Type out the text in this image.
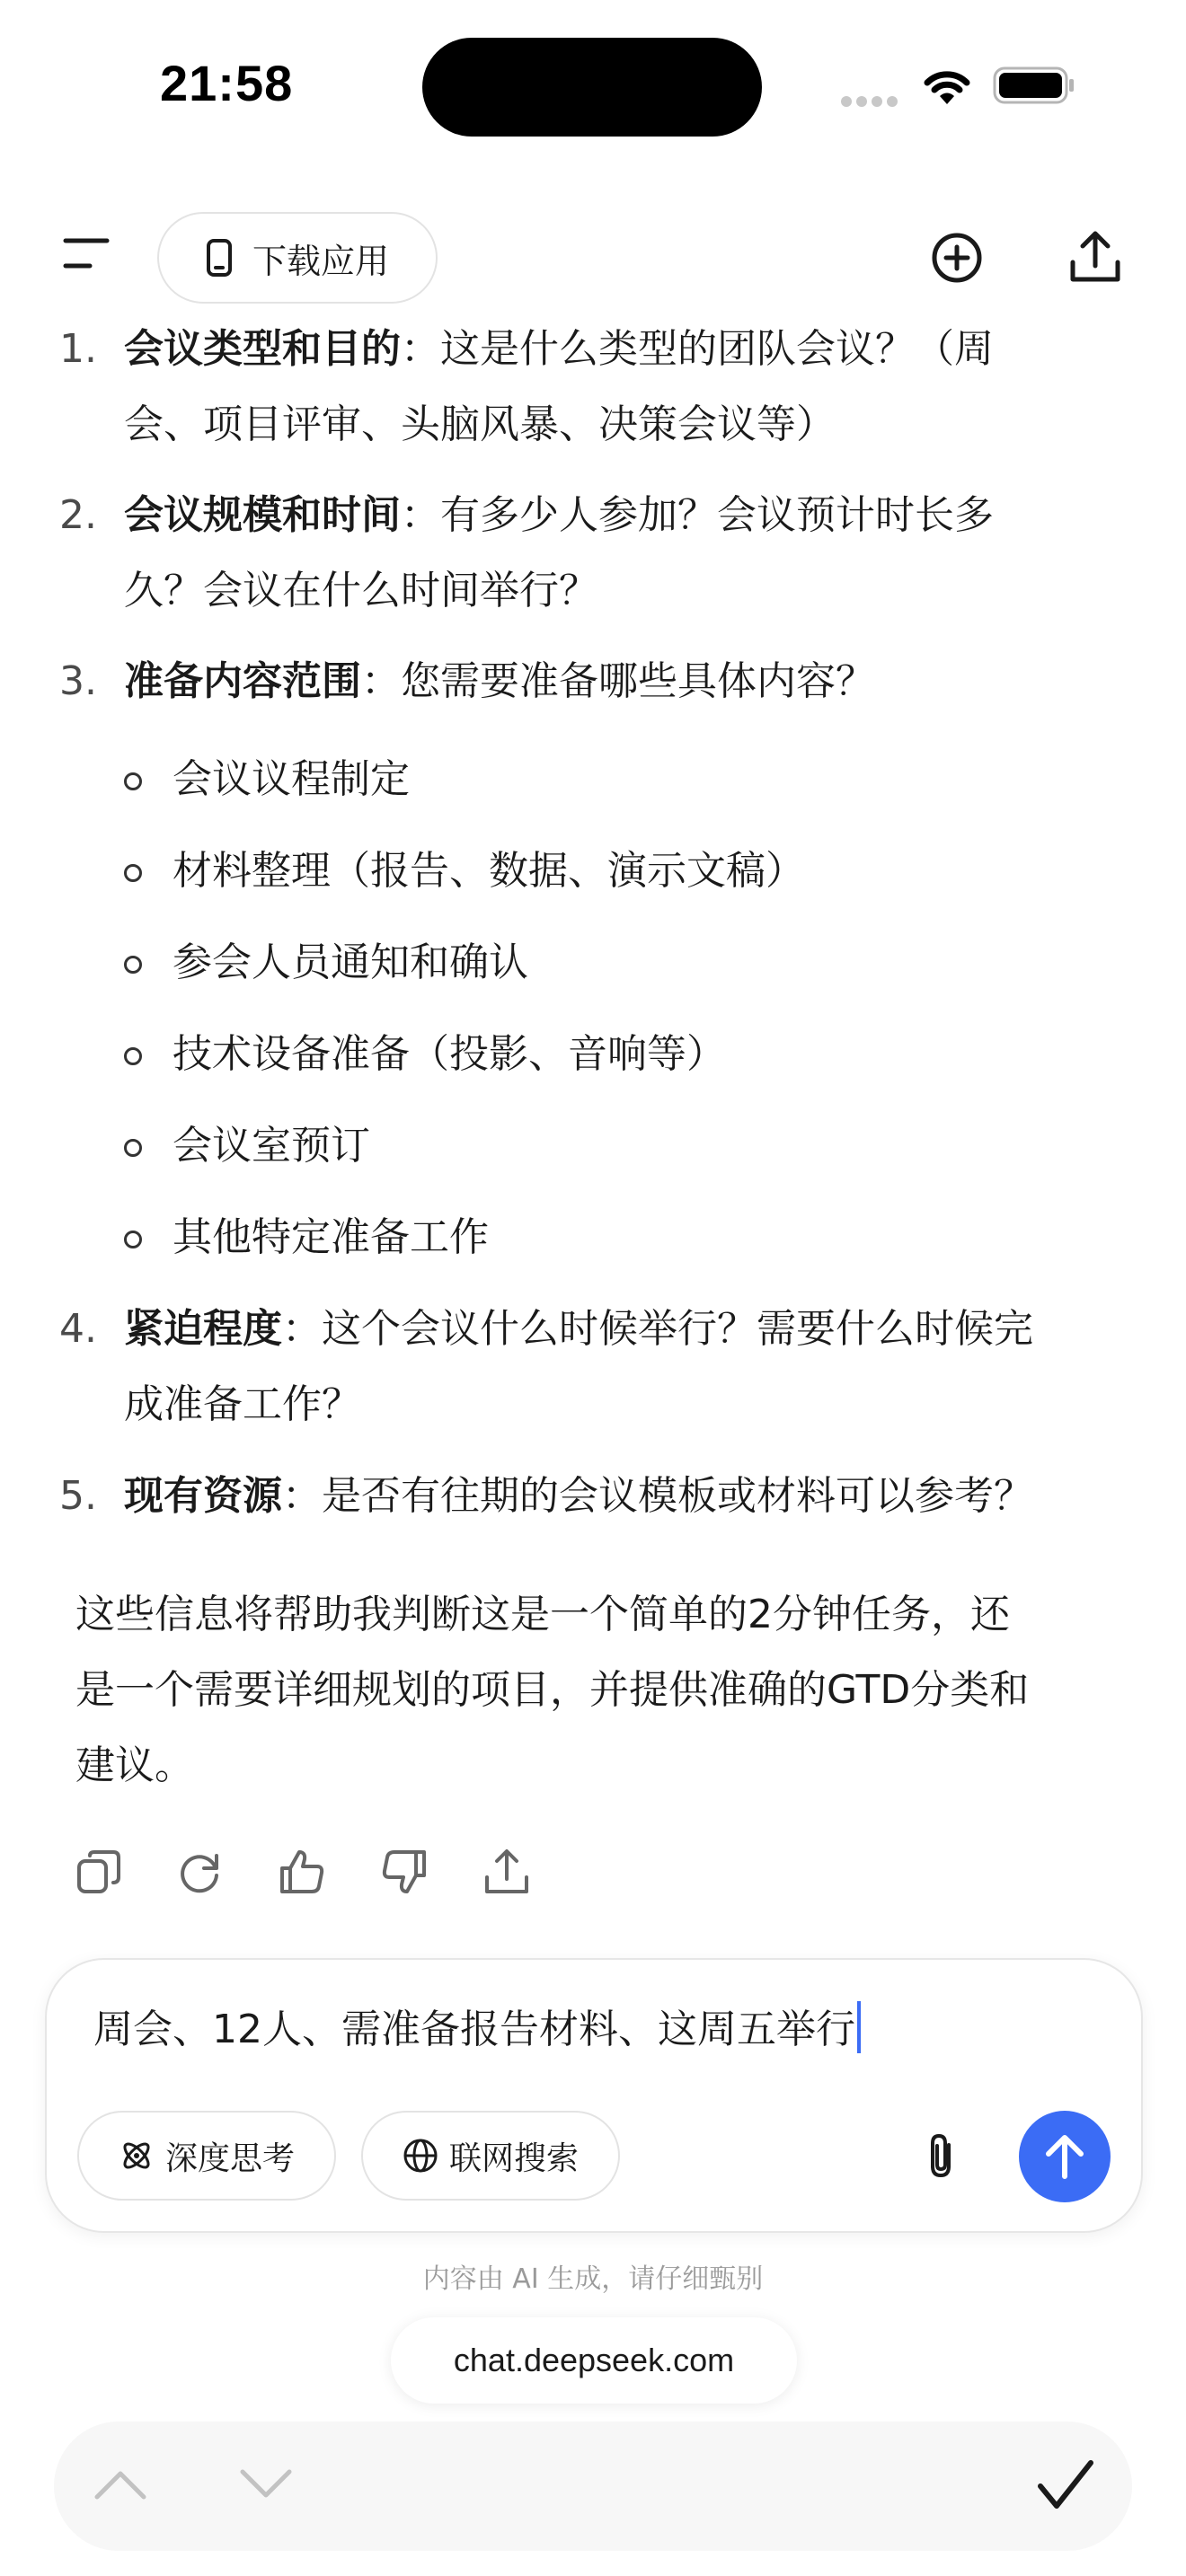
21:58
下载应用
1. 会议类型和目的：这是什么类型的团队会议？（周
会、项目评审、头脑风暴、决策会议等）
2. 会议规模和时间：有多少人参加？会议预计时长多
久？会议在什么时间举行？
3. 准备内容范围：您需要准备哪些具体内容？
会议议程制定
材料整理（报告、数据、演示文稿）
参会人员通知和确认
技术设备准备（投影、音响等）
会议室预订
其他特定准备工作
4. 紧迫程度：这个会议什么时候举行？需要什么时候完
成准备工作？
5. 现有资源：是否有往期的会议模板或材料可以参考？
这些信息将帮助我判断这是一个简单的2分钟任务，还
是一个需要详细规划的项目，并提供准确的GTD分类和
建议。
周会、12人、需准备报告材料、这周五举行
深度思考	联网搜索
内容由 AI 生成，请仔细甄别
chat.deepseek.com
